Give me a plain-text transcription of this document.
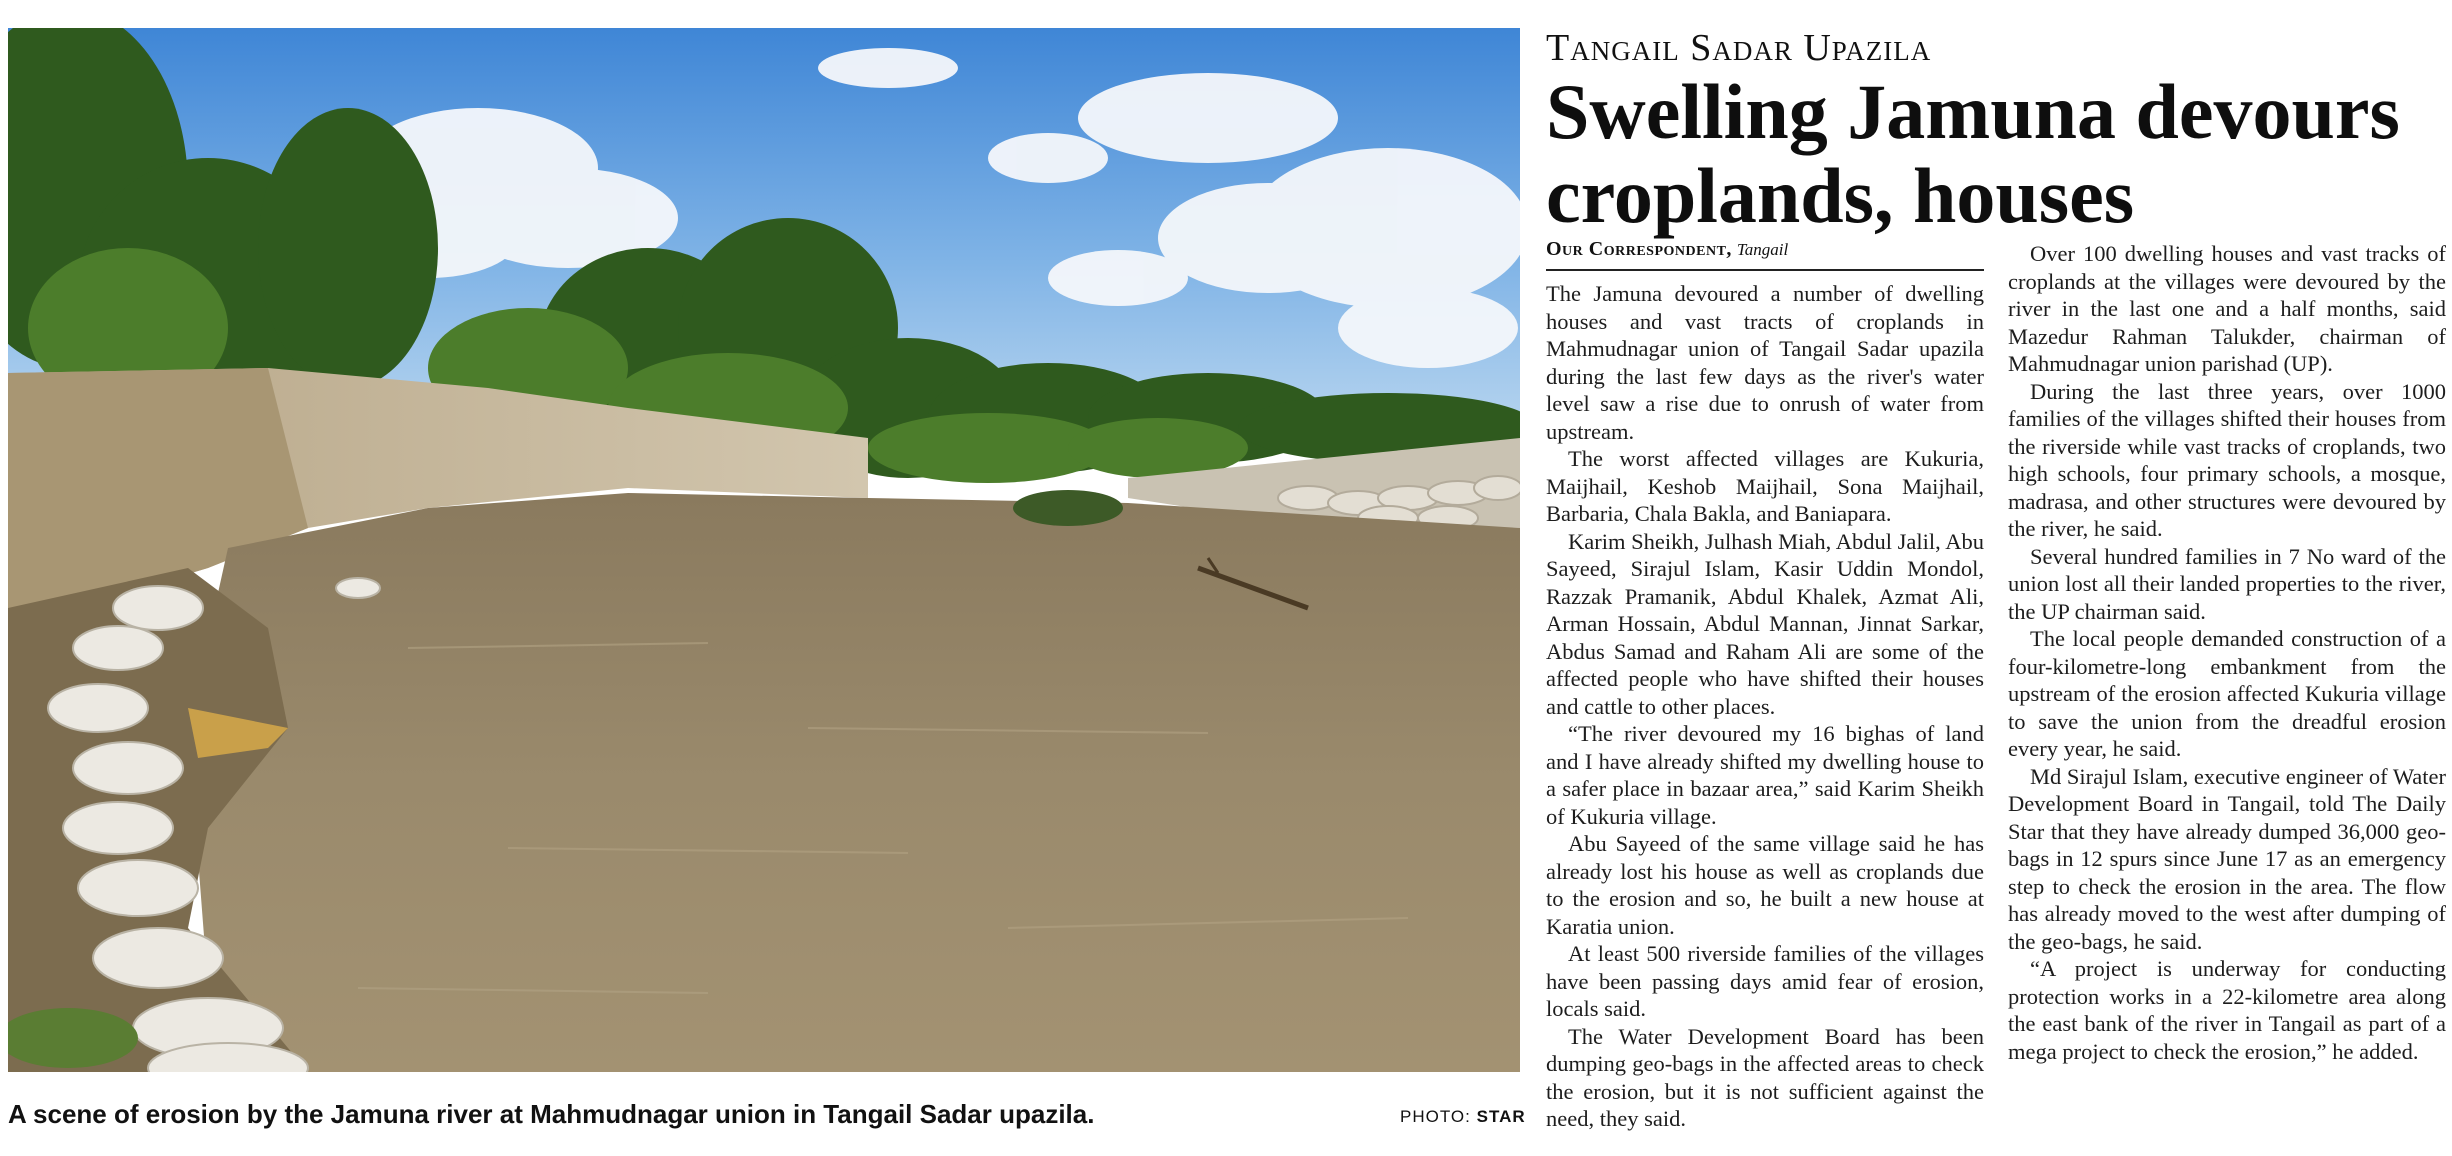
A scene of erosion by the Jamuna river at Mahmudnagar union in Tangail Sadar upazila.	PHOTO: STAR
Tangail Sadar Upazila
Swelling Jamuna devours croplands, houses
Our Correspondent, Tangail

The Jamuna devoured a number of dwelling houses and vast tracts of croplands in Mahmudnagar union of Tangail Sadar upazila during the last few days as the river's water level saw a rise due to onrush of water from upstream.

The worst affected villages are Kukuria, Maijhail, Keshob Maijhail, Sona Maijhail, Barbaria, Chala Bakla, and Baniapara.

Karim Sheikh, Julhash Miah, Abdul Jalil, Abu Sayeed, Sirajul Islam, Kasir Uddin Mondol, Razzak Pramanik, Abdul Khalek, Azmat Ali, Arman Hossain, Abdul Mannan, Jinnat Sarkar, Abdus Samad and Raham Ali are some of the affected people who have shifted their houses and cattle to other places.

“The river devoured my 16 bighas of land and I have already shifted my dwelling house to a safer place in bazaar area,” said Karim Sheikh of Kukuria village.

Abu Sayeed of the same village said he has already lost his house as well as croplands due to the erosion and so, he built a new house at Karatia union.

At least 500 riverside families of the villages have been passing days amid fear of erosion, locals said.

The Water Development Board has been dumping geo-bags in the affected areas to check the erosion, but it is not sufficient against the need, they said.

Over 100 dwelling houses and vast tracks of croplands at the villages were devoured by the river in the last one and a half months, said Mazedur Rahman Talukder, chairman of Mahmudnagar union parishad (UP).

During the last three years, over 1000 families of the villages shifted their houses from the riverside while vast tracks of croplands, two high schools, four primary schools, a mosque, madrasa, and other structures were devoured by the river, he said.

Several hundred families in 7 No ward of the union lost all their landed properties to the river, the UP chairman said.

The local people demanded construction of a four-kilometre-long embankment from the upstream of the erosion affected Kukuria village to save the union from the dreadful erosion every year, he said.

Md Sirajul Islam, executive engineer of Water Development Board in Tangail, told The Daily Star that they have already dumped 36,000 geo-bags in 12 spurs since June 17 as an emergency step to check the erosion in the area. The flow has already moved to the west after dumping of the geo-bags, he said.

“A project is underway for conducting protection works in a 22-kilometre area along the east bank of the river in Tangail as part of a mega project to check the erosion,” he added.
